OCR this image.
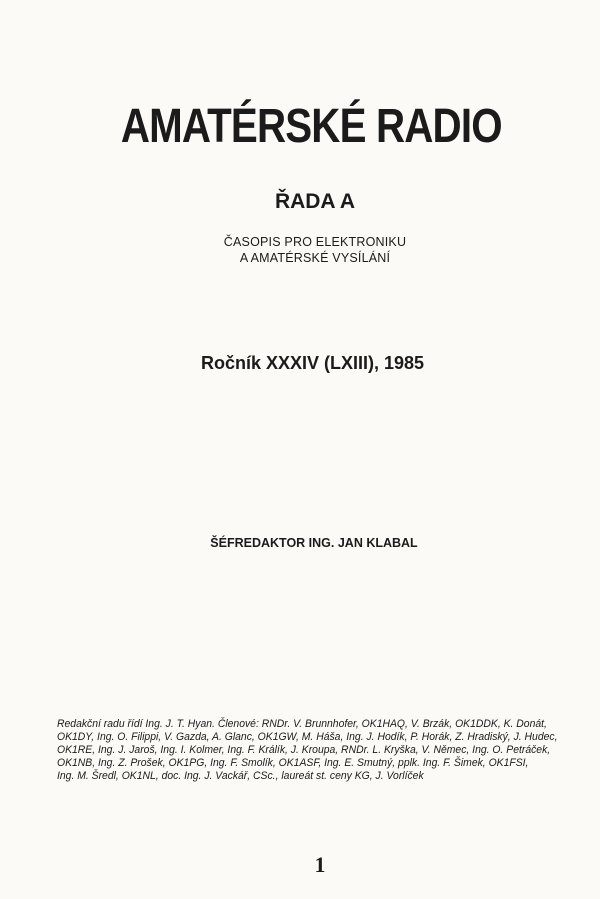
AMATÉRSKÉ RADIO
ŘADA A
ČASOPIS PRO ELEKTRONIKU
A AMATÉRSKÉ VYSÍLÁNÍ
Ročník XXXIV (LXIII), 1985
ŠÉFREDAKTOR ING. JAN KLABAL
Redakční radu řídí Ing. J. T. Hyan. Členové: RNDr. V. Brunnhofer, OK1HAQ, V. Brzák, OK1DDK, K. Donát,
OK1DY, Ing. O. Filippi, V. Gazda, A. Glanc, OK1GW, M. Háša, Ing. J. Hodík, P. Horák, Z. Hradiský, J. Hudec,
OK1RE, Ing. J. Jaroš, Ing. I. Kolmer, Ing. F. Králík, J. Kroupa, RNDr. L. Kryška, V. Němec, Ing. O. Petráček,
OK1NB, Ing. Z. Prošek, OK1PG, Ing. F. Smolík, OK1ASF, Ing. E. Smutný, pplk. Ing. F. Šimek, OK1FSI,
Ing. M. Šredl, OK1NL, doc. Ing. J. Vackář, CSc., laureát st. ceny KG, J. Vorlíček
1
